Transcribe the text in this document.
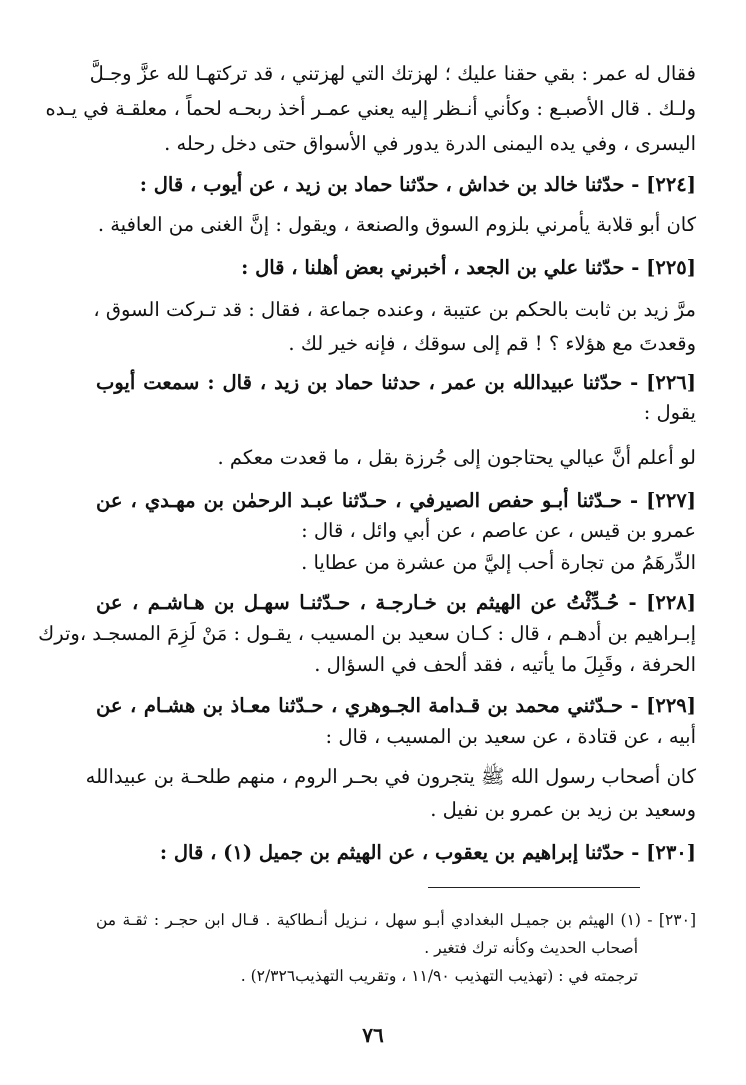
فقال له عمر : بقي حقنا عليك ؛ لهزتك التي لهزتني ، قد تركتهـا لله عزَّ وجـلَّ
ولـك . قال الأصبـع : وكأني أنـظر إليه يعني عمـر أخذ ربحـه لحماً ، معلقـة في يـده
اليسرى ، وفي يده اليمنى الدرة يدور في الأسواق حتى دخل رحله .
[٢٢٤] - حدّثنا خالد بن خداش ، حدّثنا حماد بن زيد ، عن أيوب ، قال :
كان أبو قلابة يأمرني بلزوم السوق والصنعة ، ويقول : إنَّ الغنى من العافية .
[٢٢٥] - حدّثنا علي بن الجعد ، أخبرني بعض أهلنا ، قال :
مرَّ زيد بن ثابت بالحكم بن عتيبة ، وعنده جماعة ، فقال : قد تـركت السوق ،
وقعدتَ مع هؤلاء ؟ ! قم إلى سوقك ، فإنه خير لك .
[٢٢٦] - حدّثنا عبيدالله بن عمر ، حدثنا حماد بن زيد ، قال : سمعت أيوب
يقول :
لو أعلم أنَّ عيالي يحتاجون إلى جُرزة بقل ، ما قعدت معكم .
[٢٢٧] - حـدّثنا أبـو حفص الصيرفي ، حـدّثنا عبـد الرحمٰن بن مهـدي ، عن
عمرو بن قيس ، عن عاصم ، عن أبي وائل ، قال :
الدِّرهَمُ من تجارة أحب إليَّ من عشرة من عطايا .
[٢٢٨] - حُـدِّثْتُ عن الهيثم بن خـارجـة ، حـدّثنـا سهـل بن هـاشـم ، عن
إبـراهيم بن أدهـم ، قال : كـان سعيد بن المسيب ، يقـول : مَنْ لَزِمَ المسجـد ،وترك
الحرفة ، وقَبِلَ ما يأتيه ، فقد ألحف في السؤال .
[٢٢٩] - حـدّثني محمد بن قـدامة الجـوهري ، حـدّثنا معـاذ بن هشـام ، عن
أبيه ، عن قتادة ، عن سعيد بن المسيب ، قال :
كان أصحاب رسول الله ﷺ يتجرون في بحـر الروم ، منهم طلحـة بن عبيدالله
وسعيد بن زيد بن عمرو بن نفيل .
[٢٣٠] - حدّثنا إبراهيم بن يعقوب ، عن الهيثم بن جميل (١) ، قال :
[٢٣٠] - (١) الهيثم بن جميـل البغدادي أبـو سهل ، نـزيل أنـطاكية . قـال ابن حجـر : ثقـة من
أصحاب الحديث وكأنه ترك فتغير .
ترجمته في : (تهذيب التهذيب ١١/٩٠ ، وتقريب التهذيب٢/٣٢٦) .
٧٦
